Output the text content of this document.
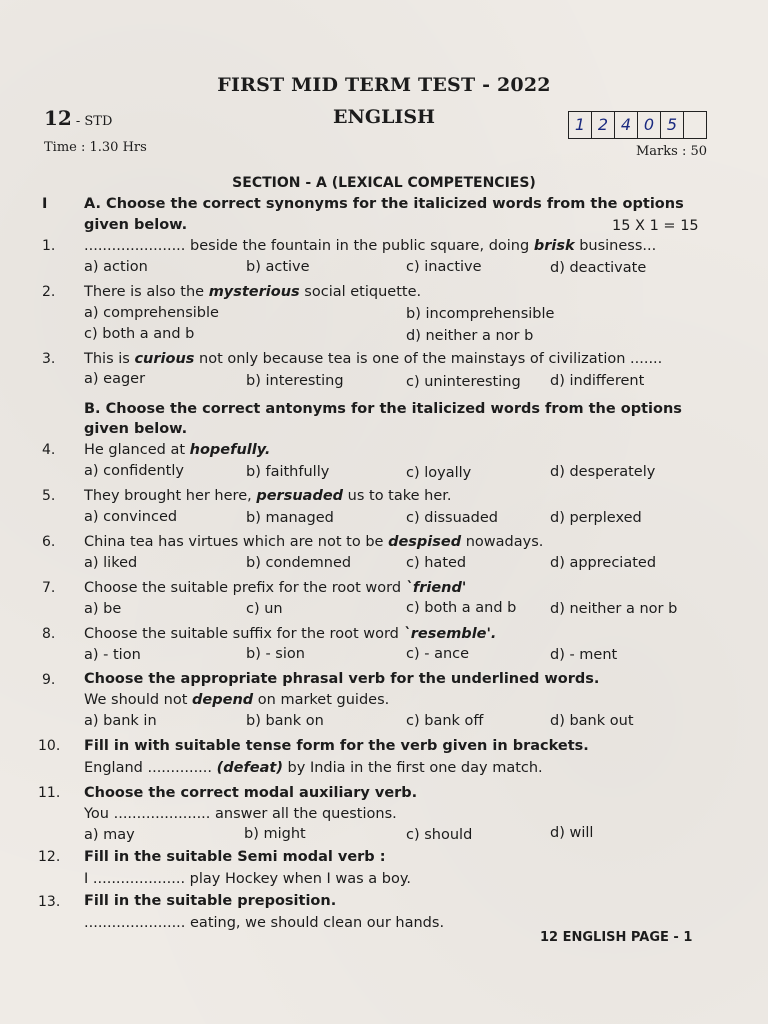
FIRST MID TERM TEST - 2022
ENGLISH
12 - STD
Time : 1.30 Hrs	Marks : 50
1 2 4 0 5
SECTION - A (LEXICAL COMPETENCIES)
I	A. Choose the correct synonyms for the italicized words from the options
given below.	15 X 1 = 15
1. ...................... beside the fountain in the public square, doing brisk business...
a) action	b) active	c) inactive	d) deactivate
2. There is also the mysterious social etiquette.
a) comprehensible	b) incomprehensible
c) both a and b	d) neither a nor b
3. This is curious not only because tea is one of the mainstays of civilization .......
a) eager	b) interesting	c) uninteresting d) indifferent
B. Choose the correct antonyms for the italicized words from the options
given below.
4. He glanced at hopefully.
a) confidently	b) faithfully	c) loyally	d) desperately
5. They brought her here, persuaded us to take her.
a) convinced	b) managed	c) dissuaded	d) perplexed
6. China tea has virtues which are not to be despised nowadays.
a) liked	b) condemned	c) hated	d) appreciated
7. Choose the suitable prefix for the root word `friend'
a) be	c) un	c) both a and b d) neither a nor b
8. Choose the suitable suffix for the root word `resemble'.
a) - tion	b) - sion	c) - ance	d) - ment
9. Choose the appropriate phrasal verb for the underlined words.
We should not depend on market guides.
a) bank in	b) bank on	c) bank off	d) bank out
10. Fill in with suitable tense form for the verb given in brackets.
England .............. (defeat) by India in the first one day match.
11. Choose the correct modal auxiliary verb.
You ..................... answer all the questions.
a) may	b) might	c) should	d) will
12. Fill in the suitable Semi modal verb :
I .................... play Hockey when I was a boy.
13. Fill in the suitable preposition.
...................... eating, we should clean our hands.
12 ENGLISH PAGE - 1
